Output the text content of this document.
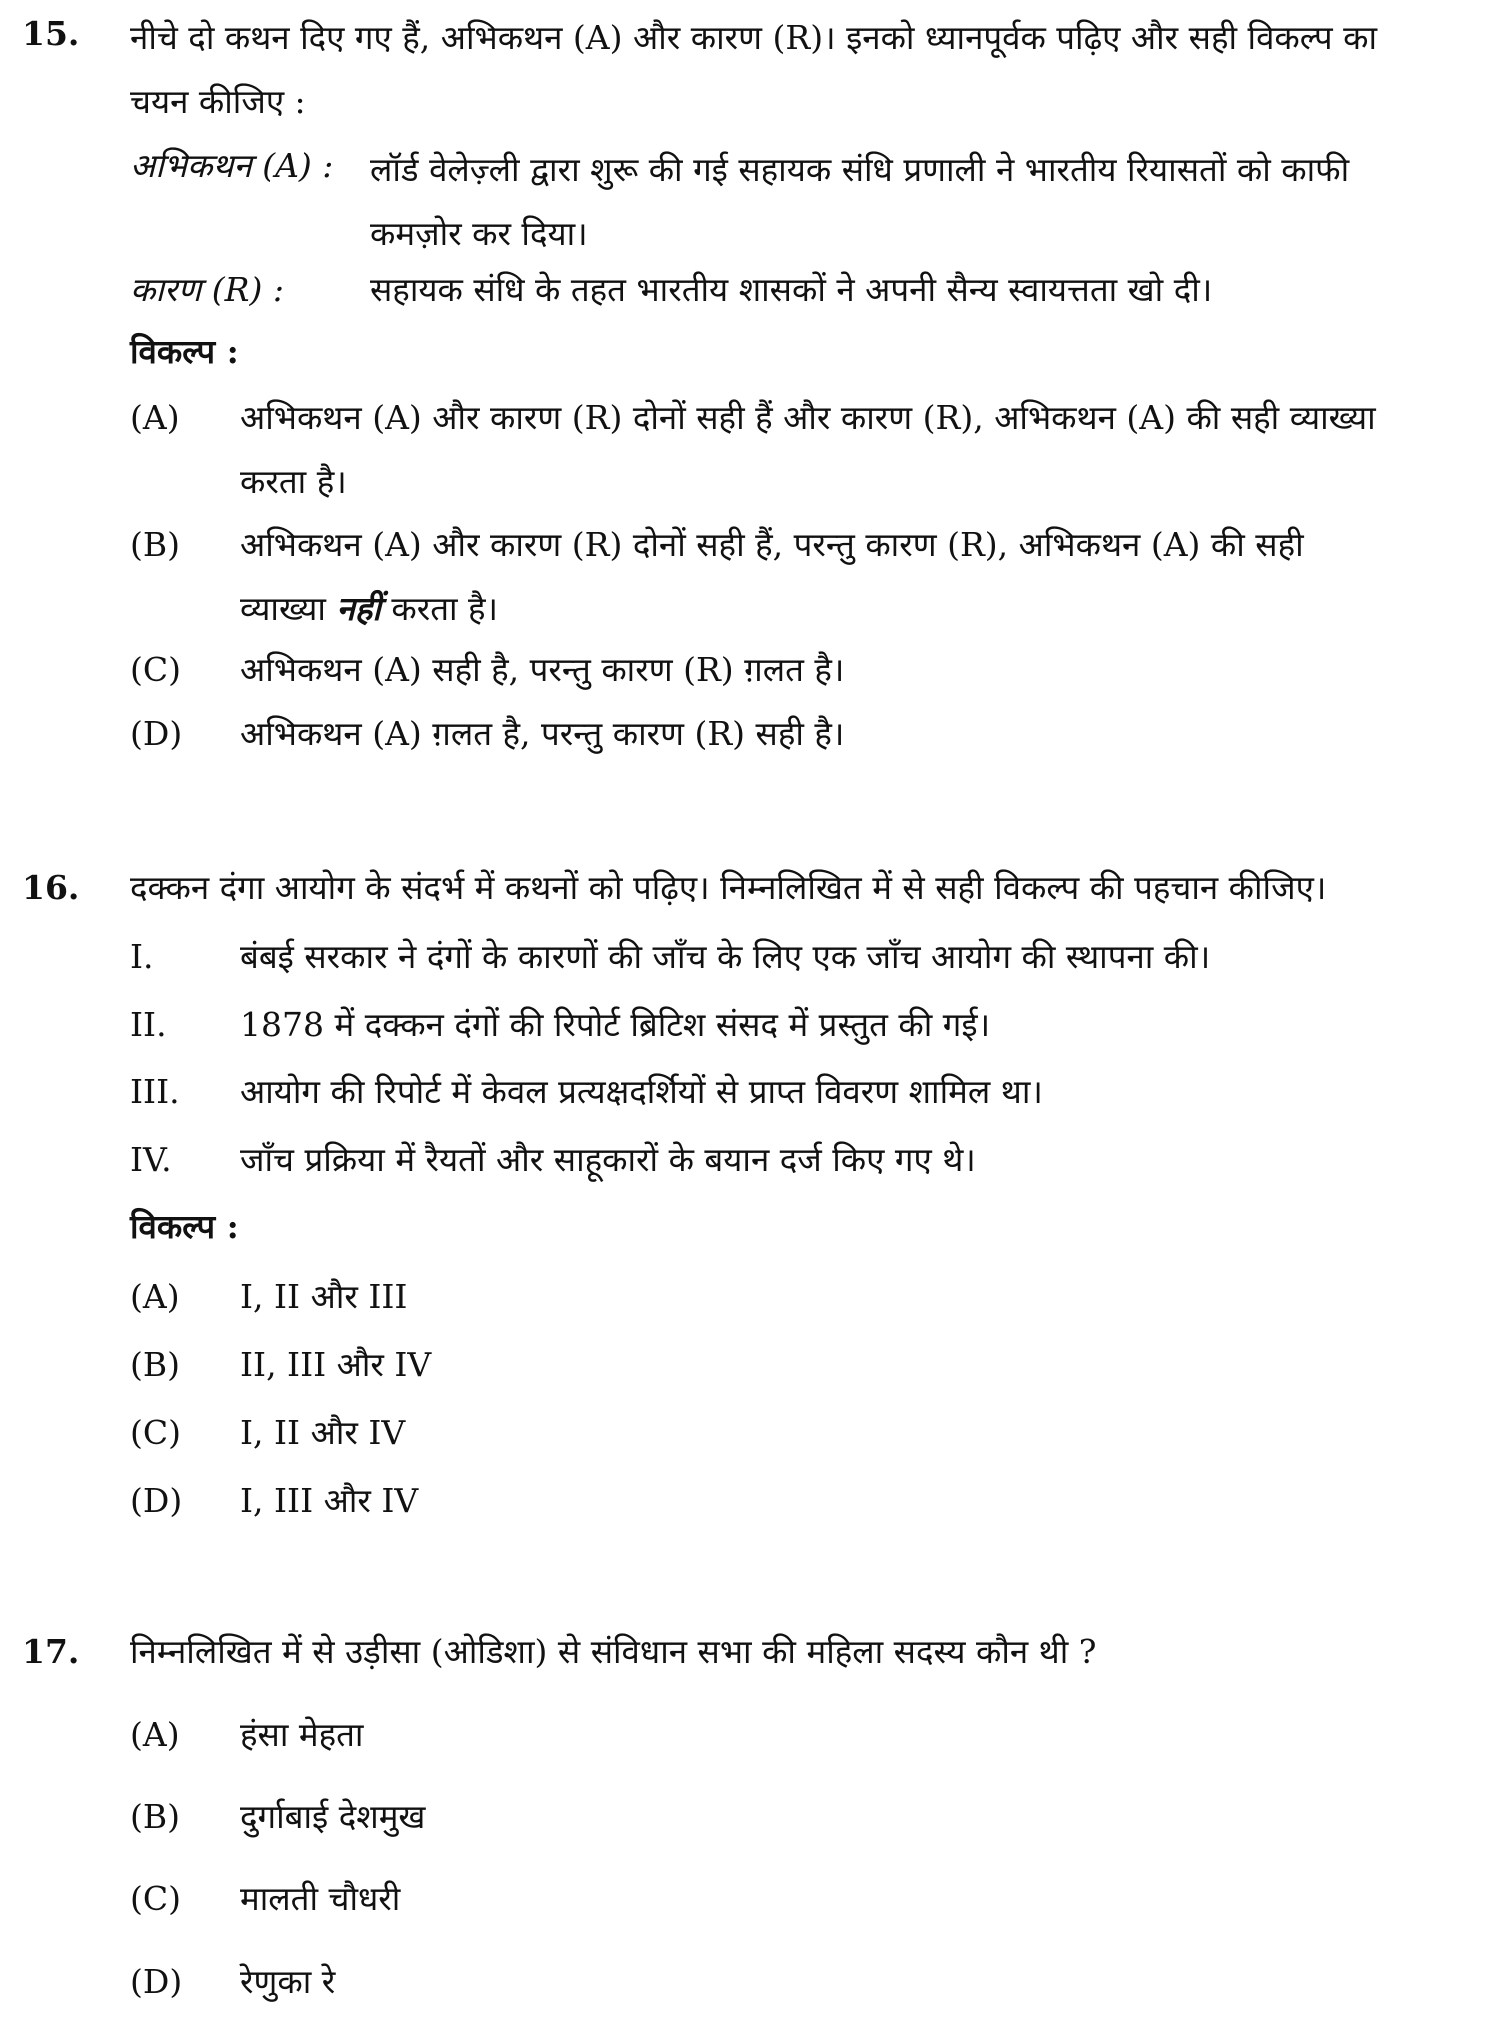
15. नीचे दो कथन दिए गए हैं, अभिकथन (A) और कारण (R)। इनको ध्यानपूर्वक पढ़िए और सही विकल्प का चयन कीजिए :
अभिकथन (A) : लॉर्ड वेलेज़्ली द्वारा शुरू की गई सहायक संधि प्रणाली ने भारतीय रियासतों को काफी कमज़ोर कर दिया।
कारण (R) :	सहायक संधि के तहत भारतीय शासकों ने अपनी सैन्य स्वायत्तता खो दी।
विकल्प :
(A) अभिकथन (A) और कारण (R) दोनों सही हैं और कारण (R), अभिकथन (A) की सही व्याख्या करता है।
(B) अभिकथन (A) और कारण (R) दोनों सही हैं, परन्तु कारण (R), अभिकथन (A) की सही व्याख्या नहीं करता है।
(C) अभिकथन (A) सही है, परन्तु कारण (R) ग़लत है।
(D) अभिकथन (A) ग़लत है, परन्तु कारण (R) सही है।
16. दक्कन दंगा आयोग के संदर्भ में कथनों को पढ़िए। निम्नलिखित में से सही विकल्प की पहचान कीजिए।
I.	बंबई सरकार ने दंगों के कारणों की जाँच के लिए एक जाँच आयोग की स्थापना की।
II. 1878 में दक्कन दंगों की रिपोर्ट ब्रिटिश संसद में प्रस्तुत की गई।
III. आयोग की रिपोर्ट में केवल प्रत्यक्षदर्शियों से प्राप्त विवरण शामिल था।
IV. जाँच प्रक्रिया में रैयतों और साहूकारों के बयान दर्ज किए गए थे।
विकल्प :
(A) I, II और III
(B) II, III और IV
(C) I, II और IV
(D) I, III और IV
17. निम्नलिखित में से उड़ीसा (ओडिशा) से संविधान सभा की महिला सदस्य कौन थी ?
(A) हंसा मेहता
(B) दुर्गाबाई देशमुख
(C) मालती चौधरी
(D) रेणुका रे
